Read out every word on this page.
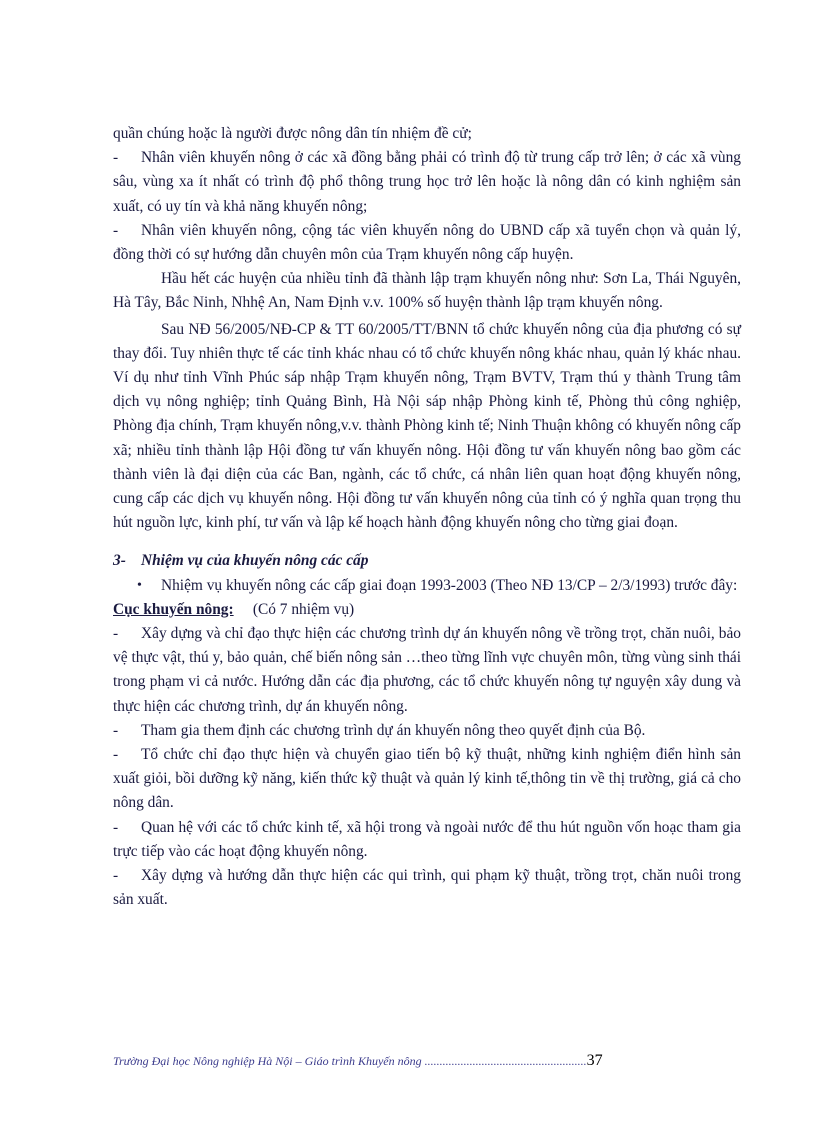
quần chúng hoặc là người được nông dân tín nhiệm đề cử;

- Nhân viên khuyến nông ở các xã đồng bằng phải có trình độ từ trung cấp trở lên; ở các xã vùng sâu, vùng xa ít nhất có trình độ phổ thông trung học trở lên hoặc là nông dân có kinh nghiệm sản xuất, có uy tín và khả năng khuyến nông;

- Nhân viên khuyến nông, cộng tác viên khuyến nông do UBND cấp xã tuyển chọn và quản lý, đồng thời có sự hướng dẫn chuyên môn của Trạm khuyến nông cấp huyện.

Hầu hết các huyện của nhiều tỉnh đã thành lập trạm khuyến nông như: Sơn La, Thái Nguyên, Hà Tây, Bắc Ninh, Nhhệ An, Nam Định v.v. 100% số huyện thành lập trạm khuyến nông.

Sau NĐ 56/2005/NĐ-CP & TT 60/2005/TT/BNN tổ chức khuyến nông của địa phương có sự thay đổi. Tuy nhiên thực tế các tỉnh khác nhau có tổ chức khuyến nông khác nhau, quản lý khác nhau. Ví dụ như tỉnh Vĩnh Phúc sáp nhập Trạm khuyến nông, Trạm BVTV, Trạm thú y thành Trung tâm dịch vụ nông nghiệp; tỉnh Quảng Bình, Hà Nội sáp nhập Phòng kinh tế, Phòng thủ công nghiệp, Phòng địa chính, Trạm khuyến nông,v.v. thành Phòng kinh tế; Ninh Thuận không có khuyến nông cấp xã; nhiều tỉnh thành lập Hội đồng tư vấn khuyến nông. Hội đồng tư vấn khuyến nông bao gồm các thành viên là đại diện của các Ban, ngành, các tổ chức, cá nhân liên quan hoạt động khuyến nông, cung cấp các dịch vụ khuyến nông. Hội đồng tư vấn khuyến nông của tỉnh có ý nghĩa quan trọng thu hút nguồn lực, kinh phí, tư vấn và lập kế hoạch hành động khuyến nông cho từng giai đoạn.

3- Nhiệm vụ của khuyến nông các cấp

•	Nhiệm vụ khuyến nông các cấp giai đoạn 1993-2003 (Theo NĐ 13/CP – 2/3/1993) trước đây:

Cục khuyến nông: (Có 7 nhiệm vụ)

- Xây dựng và chỉ đạo thực hiện các chương trình dự án khuyến nông về trồng trọt, chăn nuôi, bảo vệ thực vật, thú y, bảo quản, chế biến nông sản …theo từng lĩnh vực chuyên môn, từng vùng sinh thái trong phạm vi cả nước. Hướng dẫn các địa phương, các tổ chức khuyến nông tự nguyện xây dung và thực hiện các chương trình, dự án khuyến nông.

- Tham gia them định các chương trình dự án khuyến nông theo quyết định của Bộ.

- Tổ chức chỉ đạo thực hiện và chuyển giao tiến bộ kỹ thuật, những kinh nghiệm điển hình sản xuất giỏi, bồi dưỡng kỹ năng, kiến thức kỹ thuật và quản lý kinh tế,thông tin về thị trường, giá cả cho nông dân.

- Quan hệ với các tổ chức kinh tế, xã hội trong và ngoài nước để thu hút nguồn vốn hoạc tham gia trực tiếp vào các hoạt động khuyến nông.

- Xây dựng và hướng dẫn thực hiện các qui trình, qui phạm kỹ thuật, trồng trọt, chăn nuôi trong sản xuất.

Trường Đại học Nông nghiệp Hà Nội – Giáo trình Khuyến nông ......................................................37
